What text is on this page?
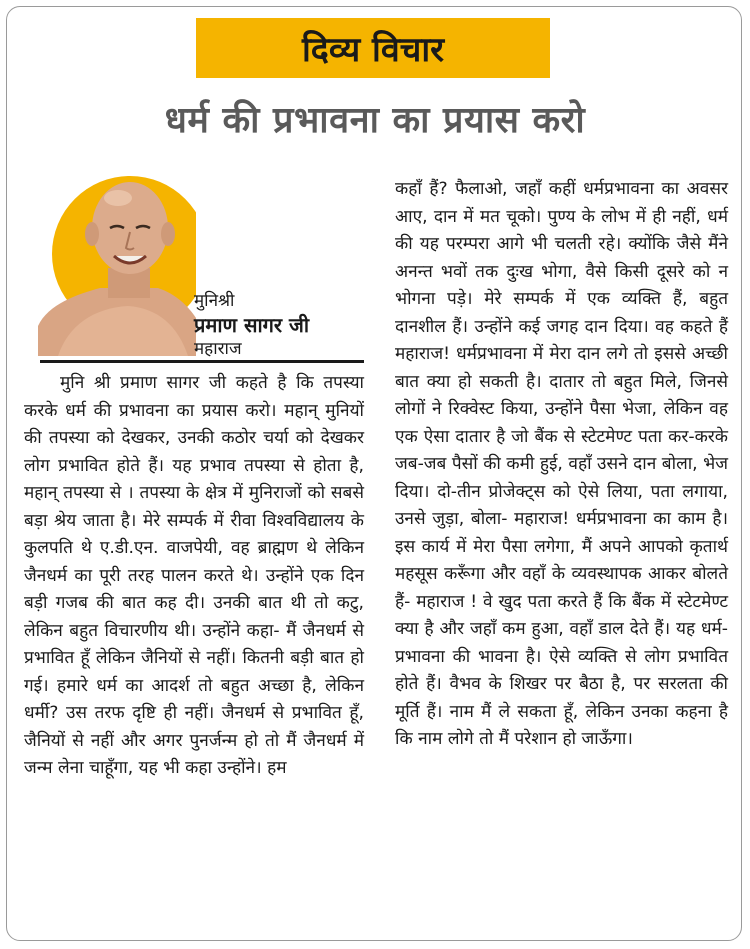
दिव्य विचार
धर्म की प्रभावना का प्रयास करो
मुनिश्री
प्रमाण सागर जी
महाराज
मुनि श्री प्रमाण सागर जी कहते है कि तपस्या करके धर्म की प्रभावना का प्रयास करो। महान् मुनियों की तपस्या को देखकर, उनकी कठोर चर्या को देखकर लोग प्रभावित होते हैं। यह प्रभाव तपस्या से होता है, महान् तपस्या से । तपस्या के क्षेत्र में मुनिराजों को सबसे बड़ा श्रेय जाता है। मेरे सम्पर्क में रीवा विश्वविद्यालय के कुलपति थे ए.डी.एन. वाजपेयी, वह ब्राह्मण थे लेकिन जैनधर्म का पूरी तरह पालन करते थे। उन्होंने एक दिन बड़ी गजब की बात कह दी। उनकी बात थी तो कटु, लेकिन बहुत विचारणीय थी। उन्होंने कहा- मैं जैनधर्म से प्रभावित हूँ लेकिन जैनियों से नहीं। कितनी बड़ी बात हो गई। हमारे धर्म का आदर्श तो बहुत अच्छा है, लेकिन धर्मी? उस तरफ दृष्टि ही नहीं। जैनधर्म से प्रभावित हूँ, जैनियों से नहीं और अगर पुनर्जन्म हो तो मैं जैनधर्म में जन्म लेना चाहूँगा, यह भी कहा उन्होंने। हम
कहाँ हैं? फैलाओ, जहाँ कहीं धर्मप्रभावना का अवसर आए, दान में मत चूको। पुण्य के लोभ में ही नहीं, धर्म की यह परम्परा आगे भी चलती रहे। क्योंकि जैसे मैंने अनन्त भवों तक दुःख भोगा, वैसे किसी दूसरे को न भोगना पड़े। मेरे सम्पर्क में एक व्यक्ति हैं, बहुत दानशील हैं। उन्होंने कई जगह दान दिया। वह कहते हैं महाराज! धर्मप्रभावना में मेरा दान लगे तो इससे अच्छी बात क्या हो सकती है। दातार तो बहुत मिले, जिनसे लोगों ने रिक्वेस्ट किया, उन्होंने पैसा भेजा, लेकिन वह एक ऐसा दातार है जो बैंक से स्टेटमेण्ट पता कर-करके जब-जब पैसों की कमी हुई, वहाँ उसने दान बोला, भेज दिया। दो-तीन प्रोजेक्ट्स को ऐसे लिया, पता लगाया, उनसे जुड़ा, बोला- महाराज! धर्मप्रभावना का काम है। इस कार्य में मेरा पैसा लगेगा, मैं अपने आपको कृतार्थ महसूस करूँगा और वहाँ के व्यवस्थापक आकर बोलते हैं- महाराज ! वे खुद पता करते हैं कि बैंक में स्टेटमेण्ट क्या है और जहाँ कम हुआ, वहाँ डाल देते हैं। यह धर्म-प्रभावना की भावना है। ऐसे व्यक्ति से लोग प्रभावित होते हैं। वैभव के शिखर पर बैठा है, पर सरलता की मूर्ति हैं। नाम मैं ले सकता हूँ, लेकिन उनका कहना है कि नाम लोगे तो मैं परेशान हो जाऊँगा।
